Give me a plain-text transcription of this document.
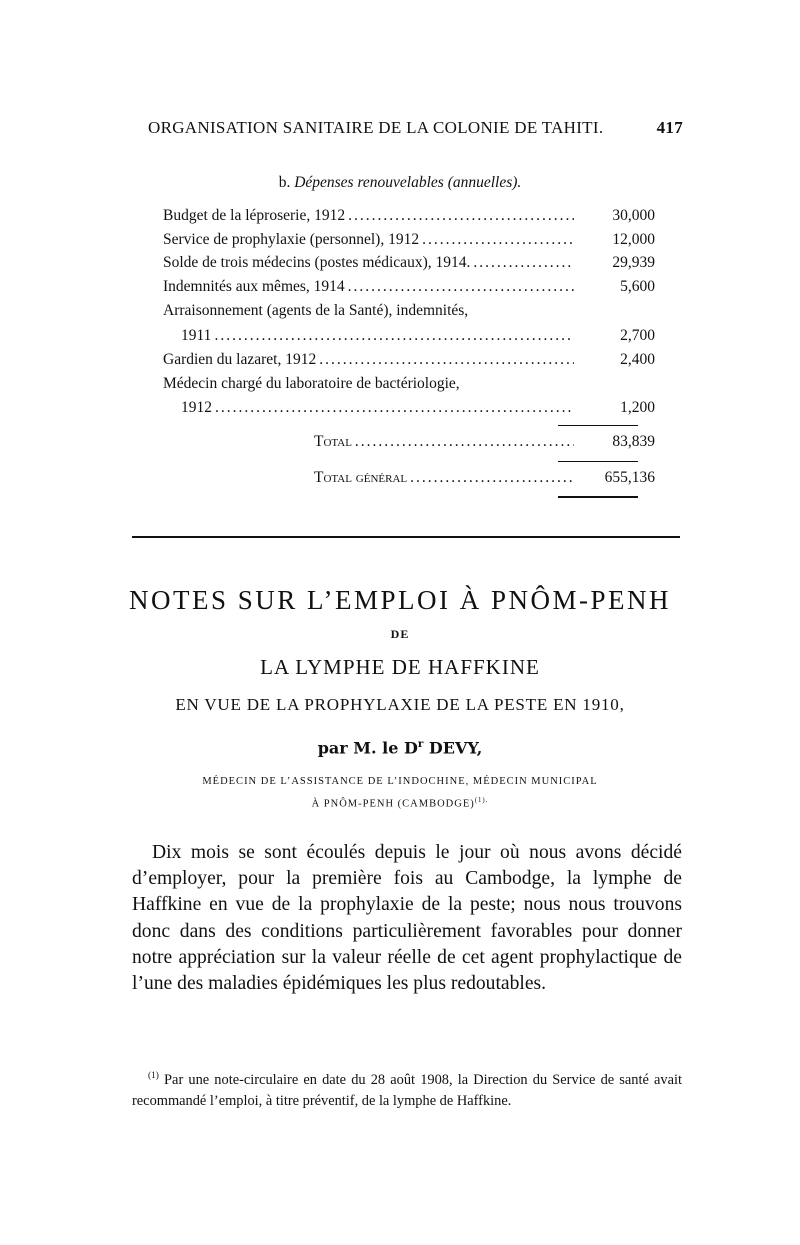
ORGANISATION SANITAIRE DE LA COLONIE DE TAHITI.	417
b. Dépenses renouvelables (annuelles).
Budget de la léproserie, 1912 .....	30,000
Service de prophylaxie (personnel), 1912 .....	12,000
Solde de trois médecins (postes médicaux), 1914. .....	29,939
Indemnités aux mêmes, 1914 .....	5,600
Arraisonnement (agents de la Santé), indemnités,
1911 .....	2,700
Gardien du lazaret, 1912 .....	2,400
Médecin chargé du laboratoire de bactériologie,
1912 .....	1,200
Total .....	83,839
Total général .....	655,136
NOTES SUR L’EMPLOI À PNÔM-PENH
DE
LA LYMPHE DE HAFFKINE
EN VUE DE LA PROPHYLAXIE DE LA PESTE EN 1910,
par M. le $D^r$ DEVY,
MÉDECIN DE L’ASSISTANCE DE L’INDOCHINE, MÉDECIN MUNICIPAL
À PNÔM-PENH (CAMBODGE)$^{(1).}$
Dix mois se sont écoulés depuis le jour où nous avons décidé d’employer, pour la première fois au Cambodge, la lymphe de Haffkine en vue de la prophylaxie de la peste; nous nous trouvons donc dans des conditions particulièrement favorables pour donner notre appréciation sur la valeur réelle de cet agent prophylactique de l’une des maladies épidémiques les plus redoutables.
$^{(1)}$ Par une note-circulaire en date du 28 août 1908, la Direction du Service de santé avait recommandé l’emploi, à titre préventif, de la lymphe de Haffkine.
